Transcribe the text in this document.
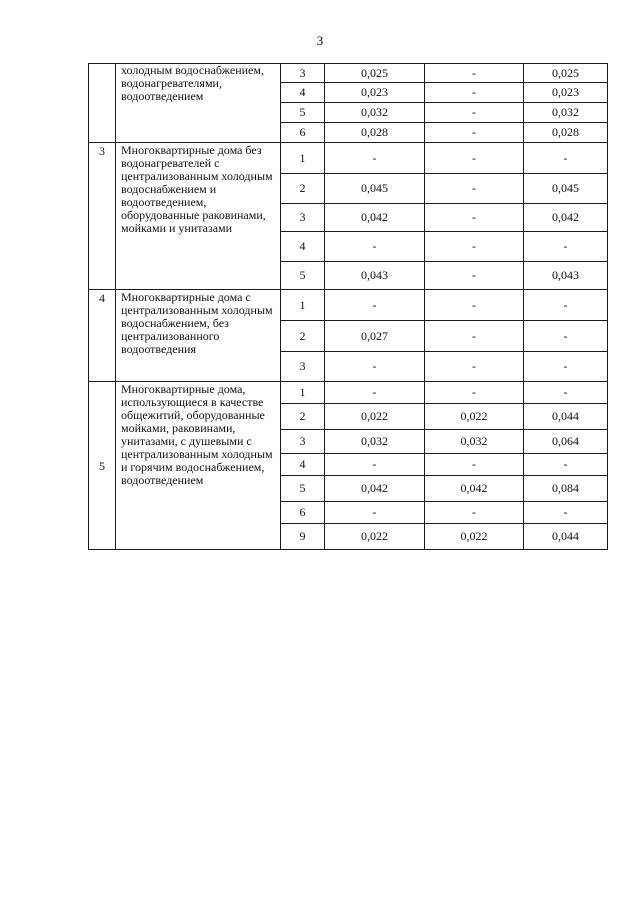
3
	холодным водоснабжением, водонагревателями, водоотведением	3	0,025	-	0,025
		4	0,023	-	0,023
		5	0,032	-	0,032
		6	0,028	-	0,028
3	Многоквартирные дома без водонагревателей с централизованным холодным водоснабжением и водоотведением, оборудованные раковинами, мойками и унитазами	1	-	-	-
		2	0,045	-	0,045
		3	0,042	-	0,042
		4	-	-	-
		5	0,043	-	0,043
4	Многоквартирные дома с централизованным холодным водоснабжением, без централизованного водоотведения	1	-	-	-
		2	0,027	-	-
		3	-	-	-
5	Многоквартирные дома, использующиеся в качестве общежитий, оборудованные мойками, раковинами, унитазами, с душевыми с централизованным холодным и горячим водоснабжением, водоотведением	1	-	-	-
		2	0,022	0,022	0,044
		3	0,032	0,032	0,064
		4	-	-	-
		5	0,042	0,042	0,084
		6	-	-	-
		9	0,022	0,022	0,044
